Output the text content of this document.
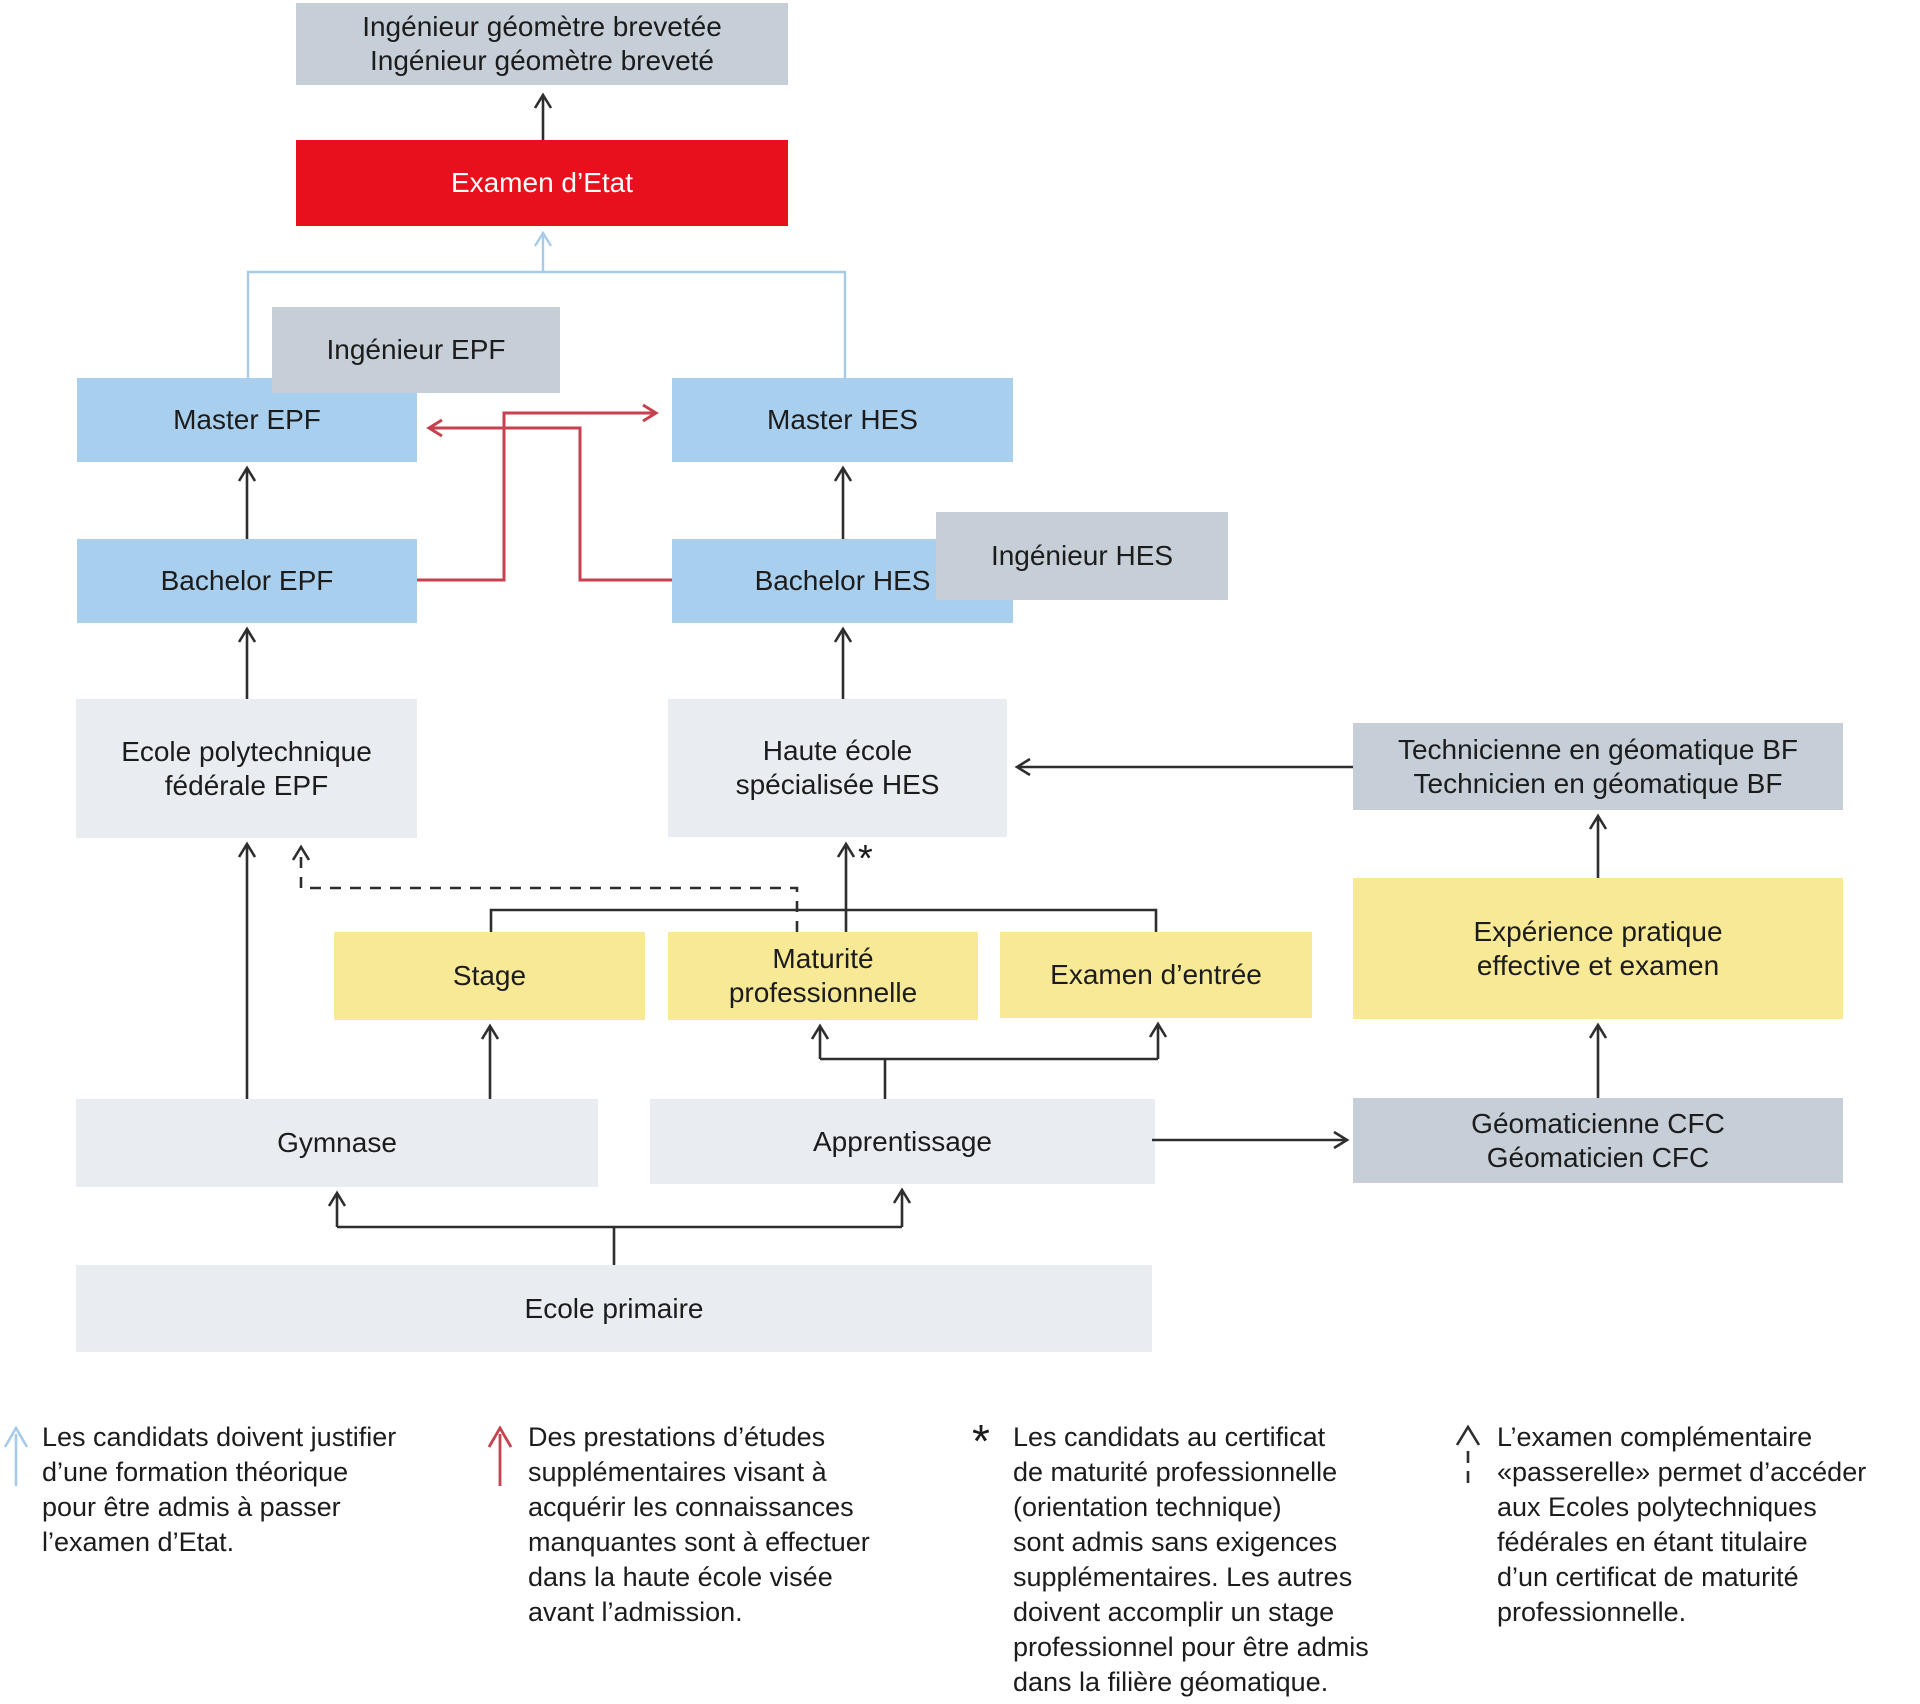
Ingénieur géomètre brevetée
Ingénieur géomètre breveté
Examen d’Etat
Master EPF	Master HES
Bachelor EPF	Bachelor HES
Ingénieur EPF
Ingénieur HES
Ecole polytechnique
fédérale EPF
Haute école
spécialisée HES
Technicienne en géomatique BF
Technicien en géomatique BF
Stage
Maturité
professionnelle
Examen d’entrée
Expérience pratique
effective et examen
Gymnase	Apprentissage
Géomaticienne CFC
Géomaticien CFC
Ecole primaire
*
Les candidats doivent justifier
d’une formation théorique
pour être admis à passer
l’examen d’Etat.
Des prestations d’études
supplémentaires visant à
acquérir les connaissances
manquantes sont à effectuer
dans la haute école visée
avant l’admission.
* Les candidats au certificat
de maturité professionnelle
(orientation technique)
sont admis sans exigences
supplémentaires. Les autres
doivent accomplir un stage
professionnel pour être admis
dans la filière géomatique.
L’examen complémentaire
«passerelle» permet d’accéder
aux Ecoles polytechniques
fédérales en étant titulaire
d’un certificat de maturité
professionnelle.
